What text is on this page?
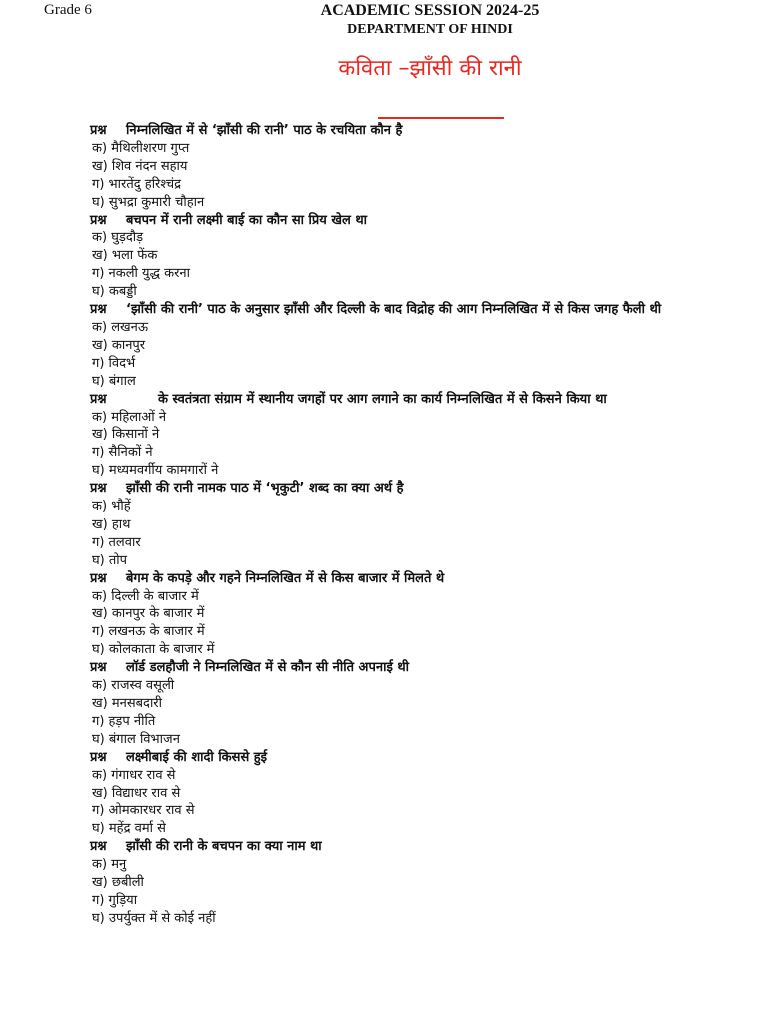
Grade 6	ACADEMIC SESSION 2024-25
DEPARTMENT OF HINDI
कविता –झाँसी की रानी
प्रश्न निम्नलिखित में से ‘झाँसी की रानी’ पाठ के रचयिता कौन है
क) मैथिलीशरण गुप्त
ख) शिव नंदन सहाय
ग) भारतेंदु हरिश्चंद्र
घ) सुभद्रा कुमारी चौहान
प्रश्न बचपन में रानी लक्ष्मी बाई का कौन सा प्रिय खेल था
क) घुड़दौड़
ख) भला फेंक
ग) नकली युद्ध करना
घ) कबड्डी
प्रश्न ‘झाँसी की रानी’ पाठ के अनुसार झाँसी और दिल्ली के बाद विद्रोह की आग निम्नलिखित में से किस जगह फैली थी
क) लखनऊ
ख) कानपुर
ग) विदर्भ
घ) बंगाल
प्रश्न	के स्वतंत्रता संग्राम में स्थानीय जगहों पर आग लगाने का कार्य निम्नलिखित में से किसने किया था
क) महिलाओं ने
ख) किसानों ने
ग) सैनिकों ने
घ) मध्यमवर्गीय कामगारों ने
प्रश्न झाँसी की रानी नामक पाठ में ‘भृकुटी’ शब्द का क्या अर्थ है
क) भौहें
ख) हाथ
ग) तलवार
घ) तोप
प्रश्न बेगम के कपड़े और गहने निम्नलिखित में से किस बाजार में मिलते थे
क) दिल्ली के बाजार में
ख) कानपुर के बाजार में
ग) लखनऊ के बाजार में
घ) कोलकाता के बाजार में
प्रश्न लॉर्ड डलहौजी ने निम्नलिखित में से कौन सी नीति अपनाई थी
क) राजस्व वसूली
ख) मनसबदारी
ग) हड़प नीति
घ) बंगाल विभाजन
प्रश्न लक्ष्मीबाई की शादी किससे हुई
क) गंगाधर राव से
ख) विद्याधर राव से
ग) ओमकारधर राव से
घ) महेंद्र वर्मा से
प्रश्न झाँसी की रानी के बचपन का क्या नाम था
क) मनु
ख) छबीली
ग) गुड़िया
घ) उपर्युक्त में से कोई नहीं
